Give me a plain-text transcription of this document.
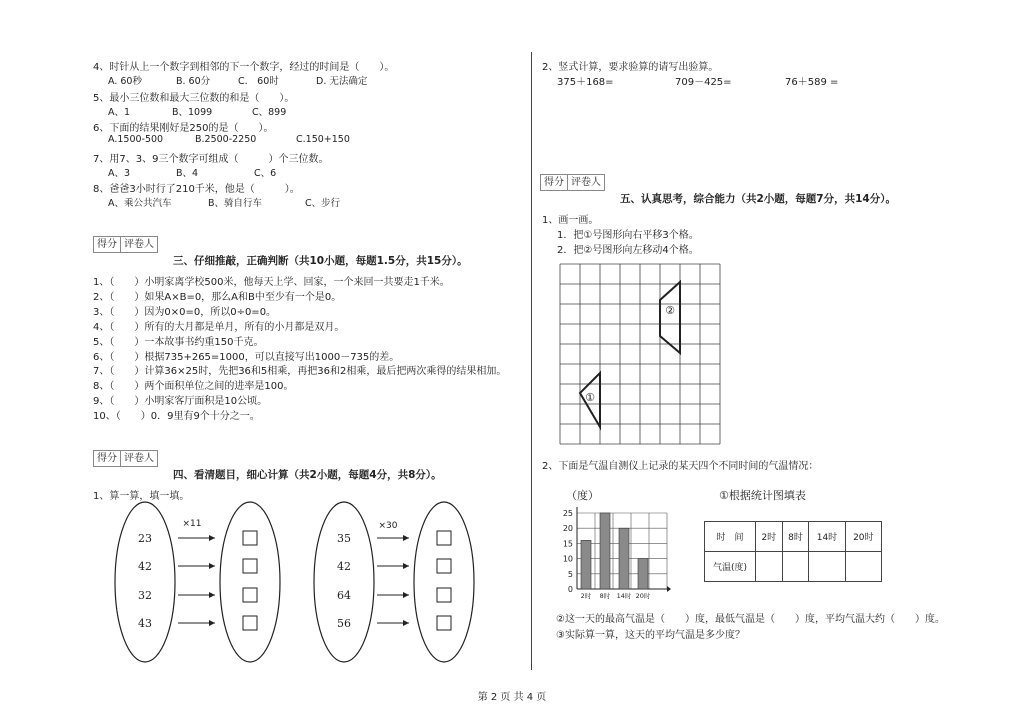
4、时针从上一个数字到相邻的下一个数字，经过的时间是（　　）。
A. 60秒	B. 60分	C.　60时	D. 无法确定
5、最小三位数和最大三位数的和是（　　）。
A、1	B、1099	C、899
6、下面的结果刚好是250的是（　　）。
A.1500-500	B.2500-2250	C.150+150
7、用7、3、9三个数字可组成（　　　）个三位数。
A、3	B、4	C、6
8、爸爸3小时行了210千米，他是（　　　）。
A、乘公共汽车	B、骑自行车	C、步行
得分 评卷人
三、仔细推敲，正确判断（共10小题，每题1.5分，共15分）。
1、（　　）小明家离学校500米，他每天上学、回家，一个来回一共要走1千米。
2、（　　）如果A×B=0，那么A和B中至少有一个是0。
3、（　　）因为0×0=0，所以0÷0=0。
4、（　　）所有的大月都是单月，所有的小月都是双月。
5、（　　）一本故事书约重150千克。
6、（　　）根据735+265=1000，可以直接写出1000－735的差。
7、（　　）计算36×25时，先把36和5相乘，再把36和2相乘，最后把两次乘得的结果相加。
8、（　　）两个面积单位之间的进率是100。
9、（　　）小明家客厅面积是10公顷。
10、（　　）0．9里有9个十分之一。
得分 评卷人
四、看清题目，细心计算（共2小题，每题4分，共8分）。
1、算一算，填一填。
×11
23
42
32
43
×30
35
42
64
56
2、竖式计算，要求验算的请写出验算。
375＋168=	709－425=	76＋589 =
得分 评卷人
五、认真思考，综合能力（共2小题，每题7分，共14分）。
1、画一画。
1．把①号图形向右平移3个格。
2．把②号图形向左移动4个格。
①
②
2、下面是气温自测仪上记录的某天四个不同时间的气温情况：
（度）	①根据统计图填表
0
5
10
15
20
25
2时 8时 14时 20时
时　间	2时	8时	14时	20时
气温(度)				
②这一天的最高气温是（　　）度，最低气温是（　　）度，平均气温大约（　　）度。
③实际算一算，这天的平均气温是多少度？
第 2 页 共 4 页
